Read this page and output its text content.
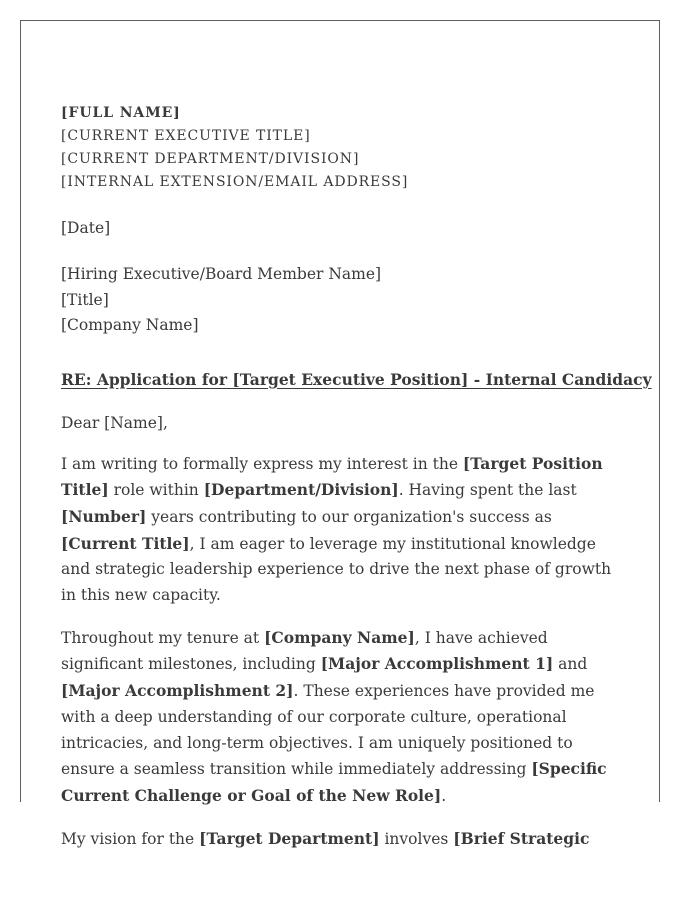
[FULL NAME]
[CURRENT EXECUTIVE TITLE]
[CURRENT DEPARTMENT/DIVISION]
[INTERNAL EXTENSION/EMAIL ADDRESS]
[Date]
[Hiring Executive/Board Member Name]
[Title]
[Company Name]
RE: Application for [Target Executive Position] - Internal Candidacy
Dear [Name],

I am writing to formally express my interest in the [Target Position Title] role within [Department/Division]. Having spent the last [Number] years contributing to our organization's success as [Current Title], I am eager to leverage my institutional knowledge and strategic leadership experience to drive the next phase of growth in this new capacity.

Throughout my tenure at [Company Name], I have achieved significant milestones, including [Major Accomplishment 1] and [Major Accomplishment 2]. These experiences have provided me with a deep understanding of our corporate culture, operational intricacies, and long-term objectives. I am uniquely positioned to ensure a seamless transition while immediately addressing [Specific Current Challenge or Goal of the New Role].

My vision for the [Target Department] involves [Brief Strategic
